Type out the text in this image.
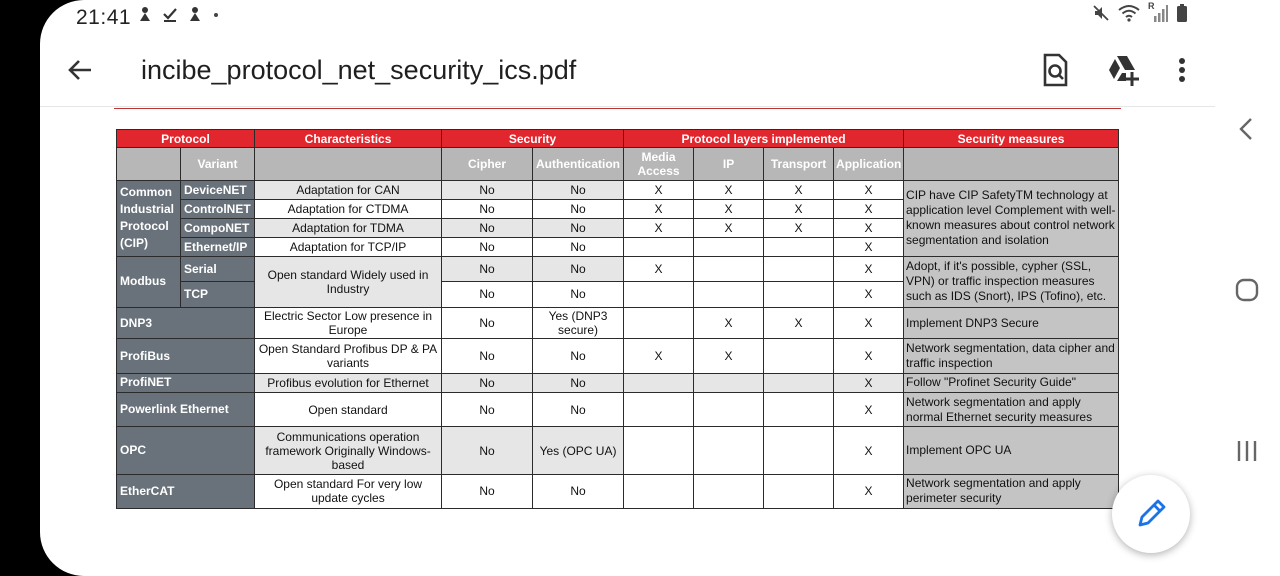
21:41	R
incibe_protocol_net_security_ics.pdf
Protocol		Characteristics	Security		Protocol layers implemented				Security measures
	Variant		Cipher	Authentication	Media Access	IP	Transport	Application	
Common Industrial Protocol (CIP)	DeviceNET	Adaptation for CAN	No	No	X	X	X	X	CIP have CIP SafetyTM technology at application level Complement with well-known measures about control network segmentation and isolation
	ControlNET	Adaptation for CTDMA	No	No	X	X	X	X	
	CompoNET	Adaptation for TDMA	No	No	X	X	X	X	
	Ethernet/IP	Adaptation for TCP/IP	No	No				X	
Modbus	Serial	Open standard Widely used in Industry	No	No	X			X	Adopt, if it's possible, cypher (SSL, VPN) or traffic inspection measures such as IDS (Snort), IPS (Tofino), etc.
	TCP		No	No				X	
DNP3		Electric Sector Low presence in Europe	No	Yes (DNP3 secure)		X	X	X	Implement DNP3 Secure
ProfiBus		Open Standard Profibus DP & PA variants	No	No	X	X		X	Network segmentation, data cipher and traffic inspection
ProfiNET		Profibus evolution for Ethernet	No	No				X	Follow "Profinet Security Guide"
Powerlink Ethernet		Open standard	No	No				X	Network segmentation and apply normal Ethernet security measures
OPC		Communications operation framework Originally Windows-based	No	Yes (OPC UA)				X	Implement OPC UA
EtherCAT		Open standard For very low update cycles	No	No				X	Network segmentation and apply perimeter security
